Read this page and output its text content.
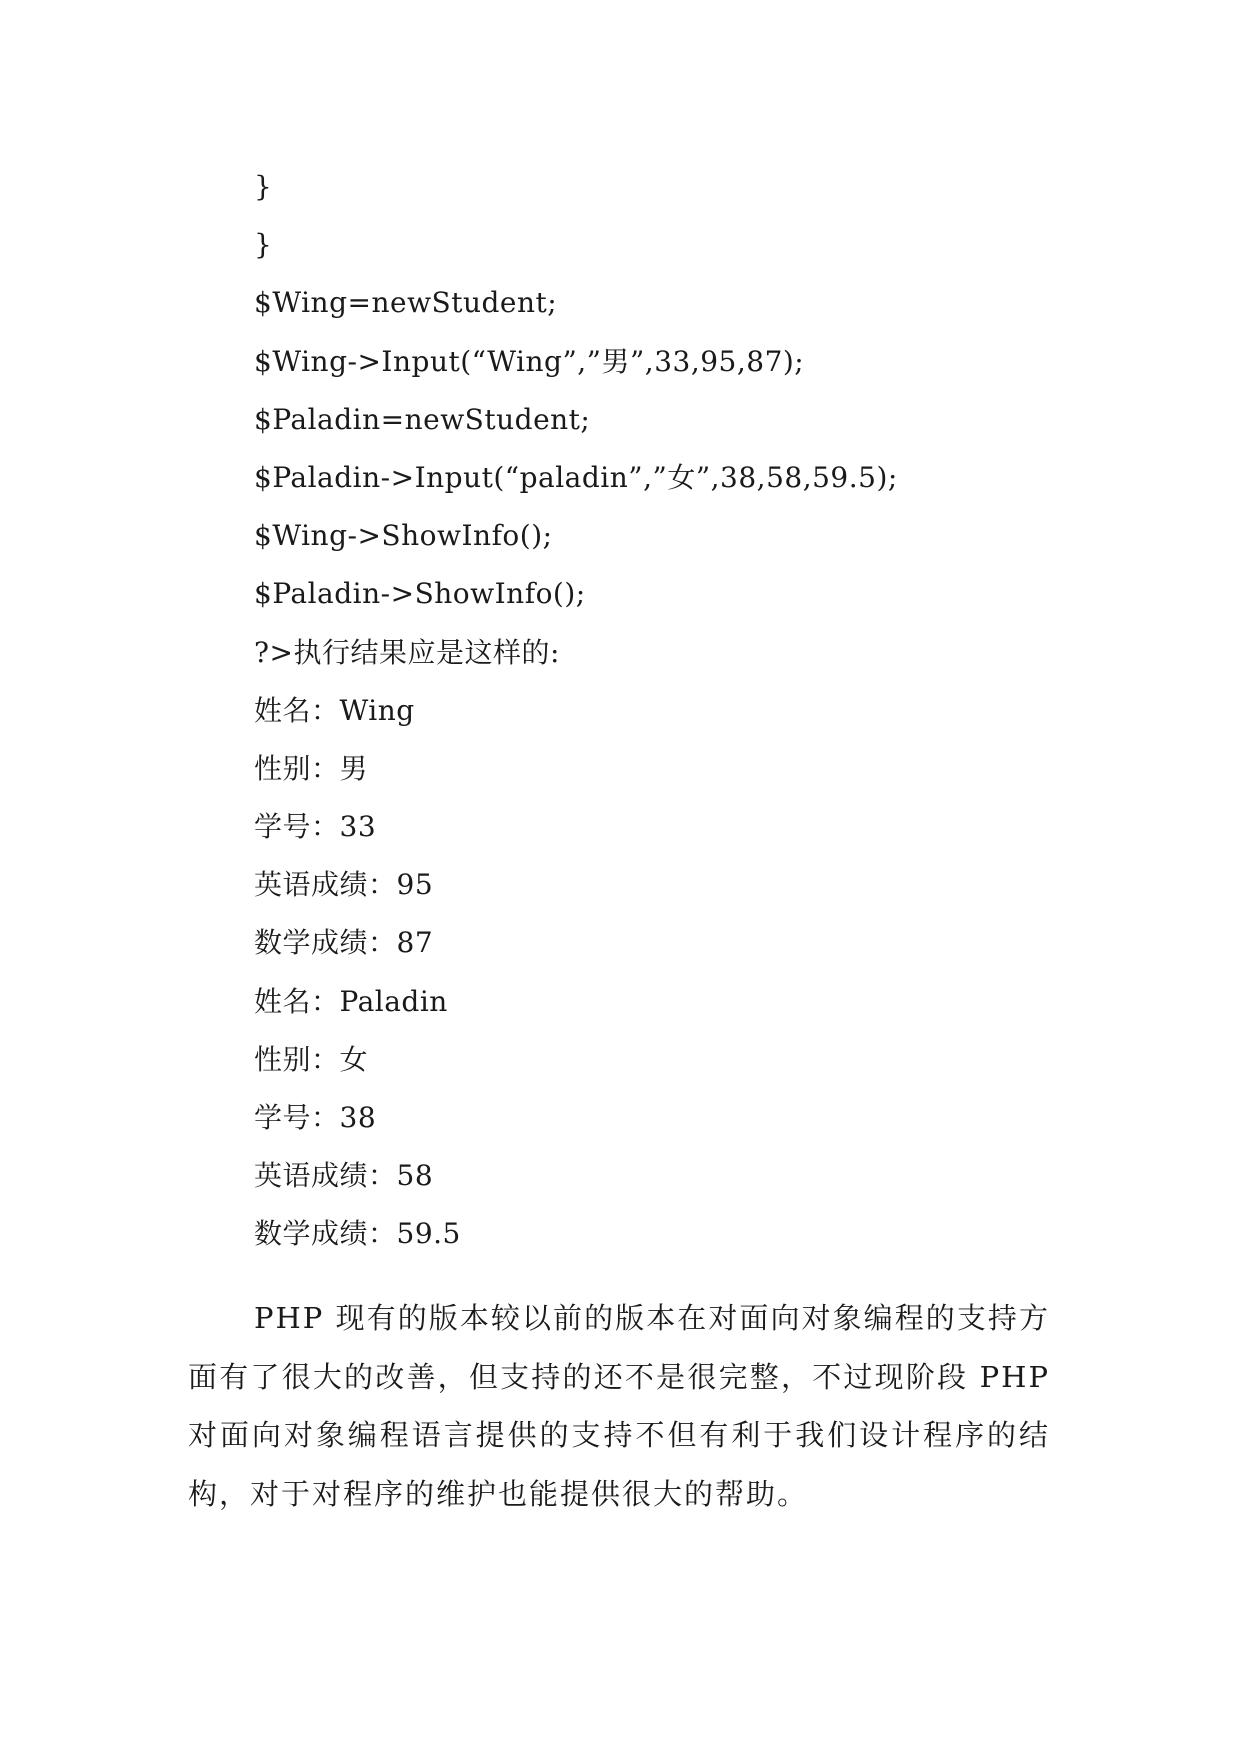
}
}
$Wing=newStudent;
$Wing->Input(“Wing”,”男”,33,95,87);
$Paladin=newStudent;
$Paladin->Input(“paladin”,”女”,38,58,59.5);
$Wing->ShowInfo();
$Paladin->ShowInfo();
?>执行结果应是这样的:
姓名：Wing
性别：男
学号：33
英语成绩：95
数学成绩：87
姓名：Paladin
性别：女
学号：38
英语成绩：58
数学成绩：59.5

PHP 现有的版本较以前的版本在对面向对象编程的支持方面有了很大的改善，但支持的还不是很完整，不过现阶段 PHP 对面向对象编程语言提供的支持不但有利于我们设计程序的结构，对于对程序的维护也能提供很大的帮助。
